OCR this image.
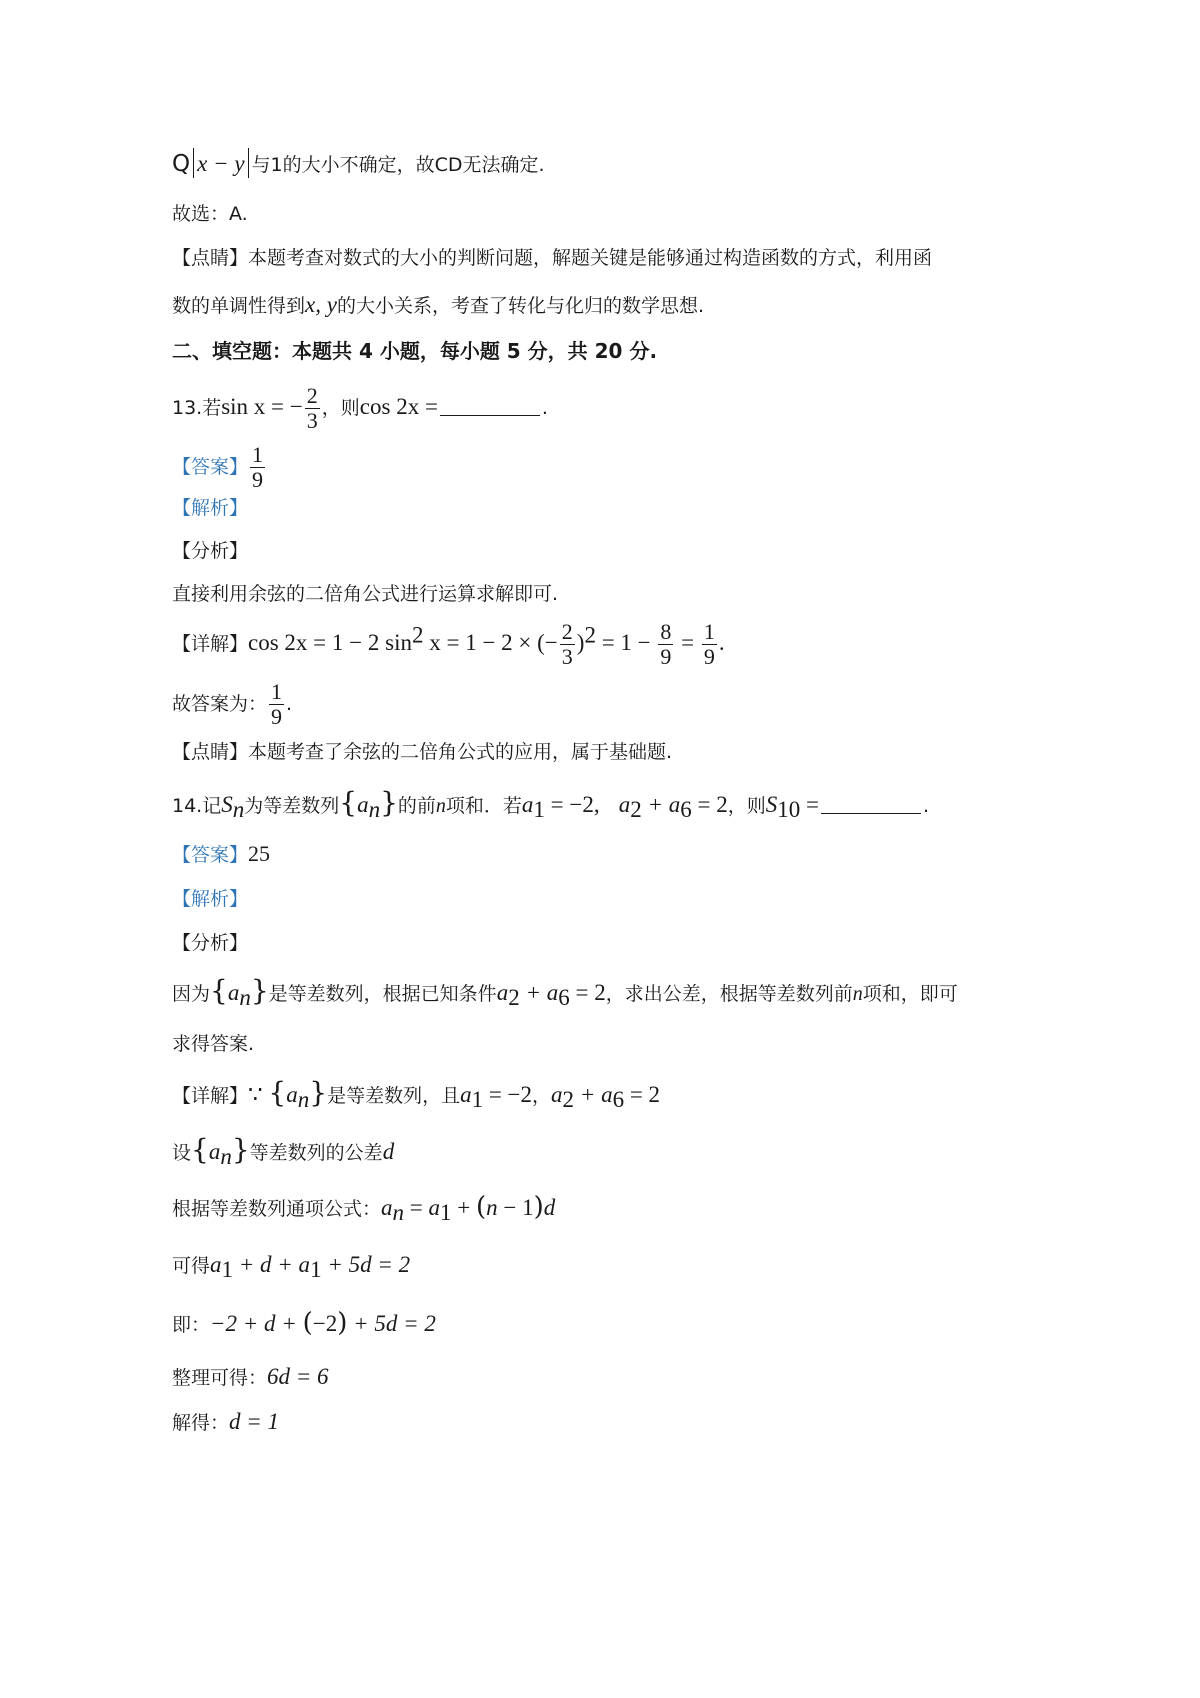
Q x − y 与1的大小不确定，故CD无法确定.
故选：A.
【点睛】本题考查对数式的大小的判断问题，解题关键是能够通过构造函数的方式，利用函
数的单调性得到x, y的大小关系，考查了转化与化归的数学思想.
二、填空题：本题共 4 小题，每小题 5 分，共 20 分.
13.若sin x = − $\frac{2}{3}$ ，则cos 2x =	.
【答案】 $\frac{1}{9}$
【解析】
【分析】
直接利用余弦的二倍角公式进行运算求解即可.
【详解】cos 2x = 1 − 2 $\sin^2 x = 1 - 2$ × (− $\frac{2}{3} )^2 = 1 - \frac{8}{9} = \frac{1}{9}$ .
故答案为： $\frac{1}{9}$ .
【点睛】本题考查了余弦的二倍角公式的应用，属于基础题.
14.记$S_n$为等差数列$\{a_n\}$的前n项和．若$a_1 = -2$, $a_2 + a_6 = 2$，则$S_{10}$ =	.
【答案】25
【解析】
【分析】
因为$\{a_n\}$是等差数列，根据已知条件$a_2 + a_6 = 2$，求出公差，根据等差数列前n项和，即可
求得答案.
【详解】∵ $\{a_n\}$是等差数列，且$a_1 = -2$，$a_2 + a_6 = 2$
设$\{a_n\}$等差数列的公差d
根据等差数列通项公式：$a_n = a_1 + (n - 1)d$
可得$a_1 + d + a_1 + 5d = 2$
即：−2 + d + (−2) + 5d = 2
整理可得：6d = 6
解得：d = 1
